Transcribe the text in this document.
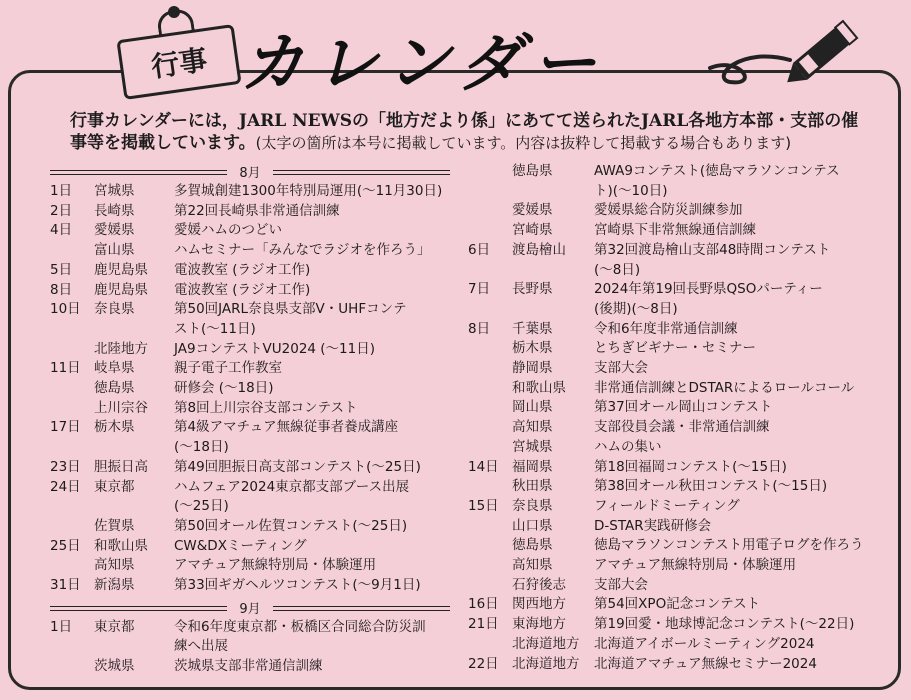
行事 カレンダー
行事カレンダーには，JARL NEWSの「地方だより係」にあてて送られたJARL各地方本部・支部の催事等を掲載しています。(太字の箇所は本号に掲載しています。内容は抜粋して掲載する場合もあります)
8月
1日	宮城県	多賀城創建1300年特別局運用(～11月30日)
2日	長崎県	第22回長崎県非常通信訓練
4日	愛媛県	愛媛ハムのつどい
富山県	ハムセミナー「みんなでラジオを作ろう」
5日	鹿児島県	電波教室 (ラジオ工作)
8日	鹿児島県	電波教室 (ラジオ工作)
10日 奈良県	第50回JARL奈良県支部V・UHFコンテ
スト(～11日)
北陸地方	JA9コンテストVU2024 (～11日)
11日 岐阜県	親子電子工作教室
徳島県	研修会 (～18日)
上川宗谷	第8回上川宗谷支部コンテスト
17日 栃木県	第4級アマチュア無線従事者養成講座
(～18日)
23日 胆振日高	第49回胆振日高支部コンテスト(～25日)
24日 東京都	ハムフェア2024東京都支部ブース出展
(～25日)
佐賀県	第50回オール佐賀コンテスト(～25日)
25日 和歌山県	CW&DXミーティング
高知県	アマチュア無線特別局・体験運用
31日 新潟県	第33回ギガヘルツコンテスト(～9月1日)
9月
1日	東京都	令和6年度東京都・板橋区合同総合防災訓
練へ出展
茨城県	茨城県支部非常通信訓練
徳島県	AWA9コンテスト(徳島マラソンコンテス
ト)(～10日)
愛媛県	愛媛県総合防災訓練参加
宮崎県	宮崎県下非常無線通信訓練
6日	渡島檜山	第32回渡島檜山支部48時間コンテスト
(～8日)
7日	長野県	2024年第19回長野県QSOパーティー
(後期)(～8日)
8日	千葉県	令和6年度非常通信訓練
栃木県	とちぎビギナー・セミナー
静岡県	支部大会
和歌山県	非常通信訓練とDSTARによるロールコール
岡山県	第37回オール岡山コンテスト
高知県	支部役員会議・非常通信訓練
宮城県	ハムの集い
14日 福岡県	第18回福岡コンテスト(～15日)
秋田県	第38回オール秋田コンテスト(～15日)
15日 奈良県	フィールドミーティング
山口県	D-STAR実践研修会
徳島県	徳島マラソンコンテスト用電子ログを作ろう
高知県	アマチュア無線特別局・体験運用
石狩後志	支部大会
16日 関西地方	第54回XPO記念コンテスト
21日 東海地方	第19回愛・地球博記念コンテスト(～22日)
北海道地方	北海道アイボールミーティング2024
22日 北海道地方	北海道アマチュア無線セミナー2024
